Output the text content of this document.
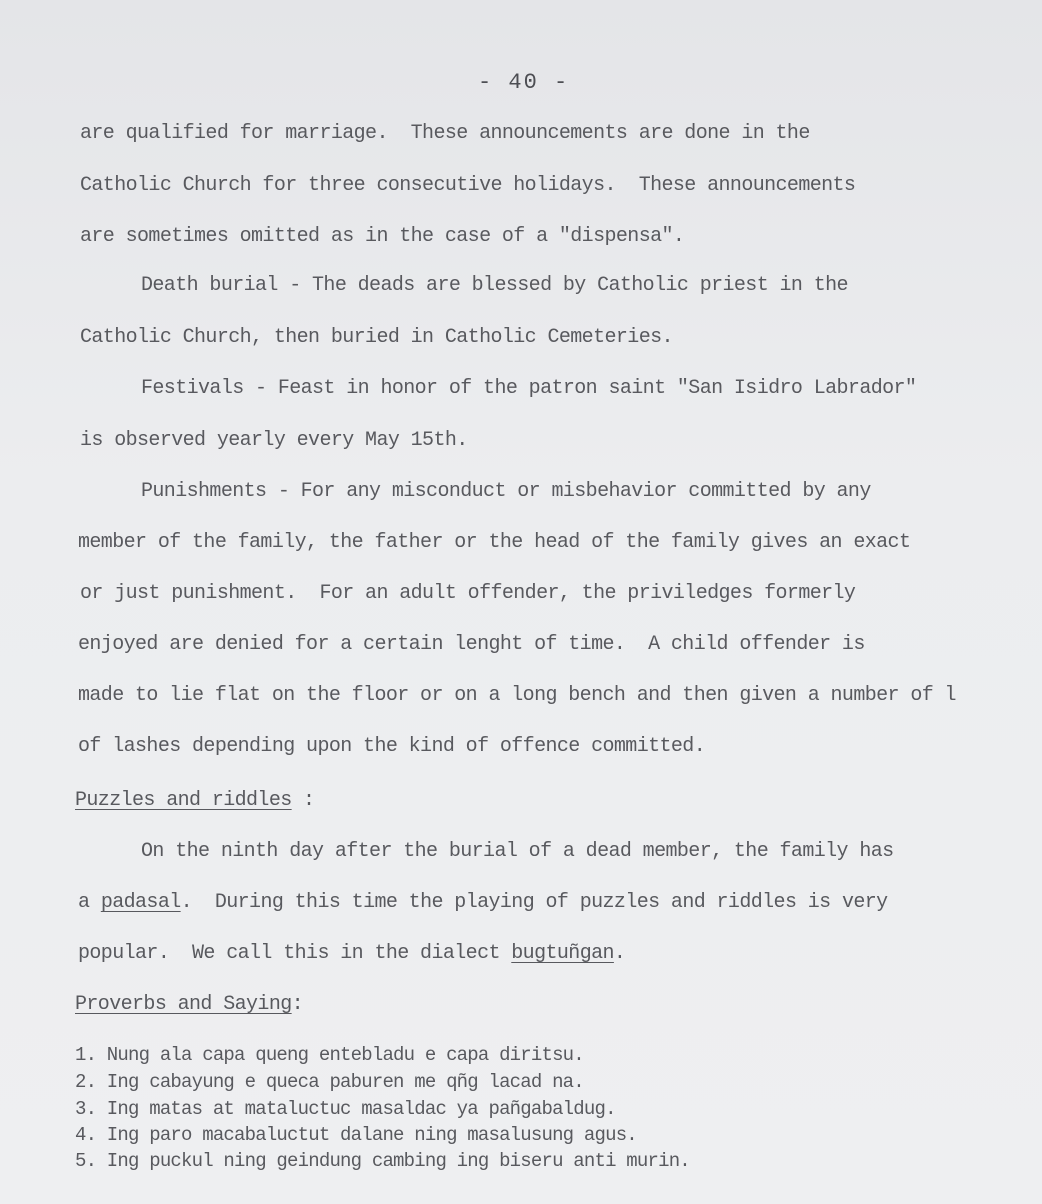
- 40 -
are qualified for marriage.  These announcements are done in the
Catholic Church for three consecutive holidays.  These announcements
are sometimes omitted as in the case of a "dispensa".
Death burial - The deads are blessed by Catholic priest in the
Catholic Church, then buried in Catholic Cemeteries.
Festivals - Feast in honor of the patron saint "San Isidro Labrador"
is observed yearly every May 15th.
Punishments - For any misconduct or misbehavior committed by any
member of the family, the father or the head of the family gives an exact
or just punishment.  For an adult offender, the priviledges formerly
enjoyed are denied for a certain lenght of time.  A child offender is
made to lie flat on the floor or on a long bench and then given a number of l
of lashes depending upon the kind of offence committed.
Puzzles and riddles :
On the ninth day after the burial of a dead member, the family has
a padasal.  During this time the playing of puzzles and riddles is very
popular.  We call this in the dialect bugtuñgan.
Proverbs and Saying:
1. Nung ala capa queng entebladu e capa diritsu.
2. Ing cabayung e queca paburen me qñg lacad na.
3. Ing matas at mataluctuc masaldac ya pañgabaldug.
4. Ing paro macabaluctut dalane ning masalusung agus.
5. Ing puckul ning geindung cambing ing biseru anti murin.
